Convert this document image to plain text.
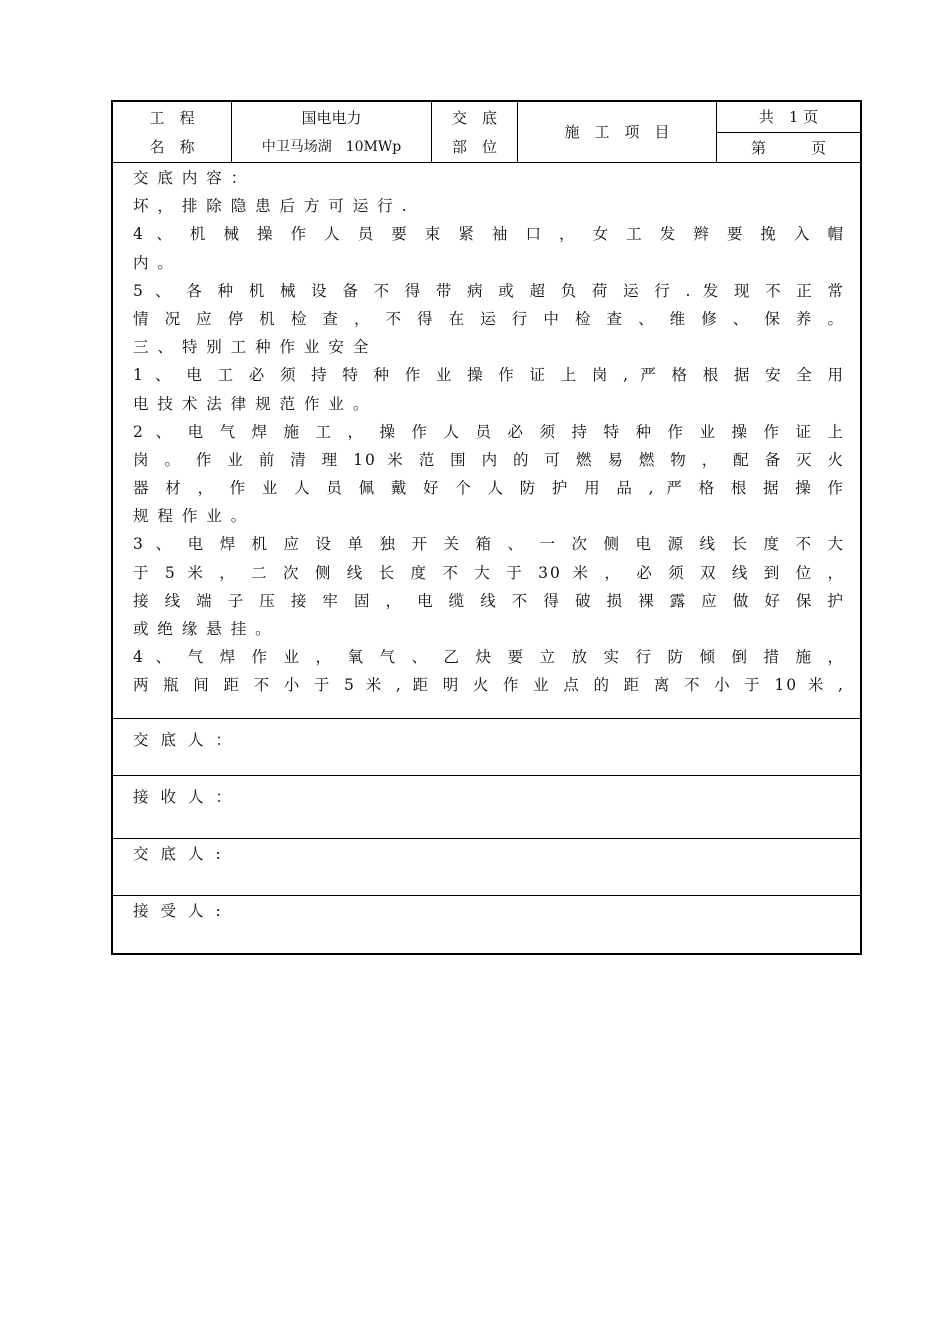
工　程
名　称
国电电力
中卫马场湖　10MWp
交　底
部　位
施　工　项　目
共　1 页
第　　　页
交 底 内 容 ：
坏 ， 排 除 隐 患 后 方 可 运 行 .
4 、 机 械 操 作 人 员 要 束 紧 袖 口 ， 女 工 发 辫 要 挽 入 帽
内 。
5 、 各 种 机 械 设 备 不 得 带 病 或 超 负 荷 运 行 . 发 现 不 正 常
情 况 应 停 机 检 查 ， 不 得 在 运 行 中 检 查 、 维 修 、 保 养 。
三 、 特 别 工 种 作 业 安 全
1 、 电 工 必 须 持 特 种 作 业 操 作 证 上 岗 , 严 格 根 据 安 全 用
电 技 术 法 律 规 范 作 业 。
2 、 电 气 焊 施 工 ， 操 作 人 员 必 须 持 特 种 作 业 操 作 证 上
岗 。 作 业 前 清 理 10 米 范 围 内 的 可 燃 易 燃 物 ， 配 备 灭 火
器 材 ， 作 业 人 员 佩 戴 好 个 人 防 护 用 品 , 严 格 根 据 操 作
规 程 作 业 。
3 、 电 焊 机 应 设 单 独 开 关 箱 、 一 次 侧 电 源 线 长 度 不 大
于 5 米 ， 二 次 侧 线 长 度 不 大 于 30 米 ， 必 须 双 线 到 位 ，
接 线 端 子 压 接 牢 固 ， 电 缆 线 不 得 破 损 裸 露 应 做 好 保 护
或 绝 缘 悬 挂 。
4 、 气 焊 作 业 ， 氧 气 、 乙 炔 要 立 放 实 行 防 倾 倒 措 施 ，
两 瓶 间 距 不 小 于 5 米 , 距 明 火 作 业 点 的 距 离 不 小 于 10 米 ,
交底人：
接收人：
交底人:
接受人:
